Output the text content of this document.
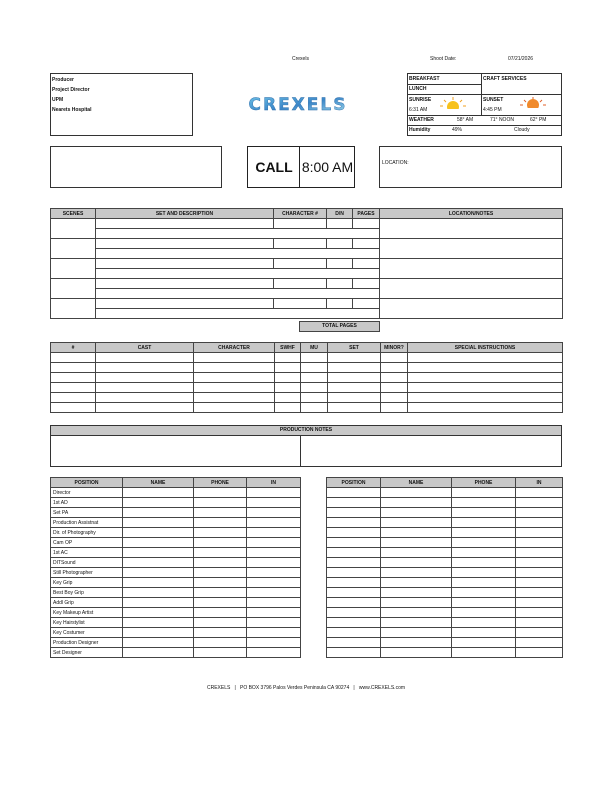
Crexels	Shoot Date:	07/21/2026
Producer
Project Director
UPM
Nearets Hospital	CREXELS
BREAKFAST	CRAFT SERVICES
LUNCH
SUNRISE
6:31 AM
SUNSET
4:45 PM
WEATHER	58° AM	71° NOON	62° PM
Humidity	49%	Cloudy
CALL 8:00 AM	LOCATION:
SCENES	SET AND DESCRIPTION	CHARACTER #	D/N	PAGES	LOCATION/NOTES

TOTAL PAGES
#	CAST	CHARACTER	SWHF	MU	SET	MINOR?	SPECIAL INSTRUCTIONS

PRODUCTION NOTES
POSITION	NAME	PHONE	IN
Director			
1st AD			
Set PA			
Production Assistnat			
Dir. of Photography			
Cam OP			
1st AC			
DITSound			
Still Photographer			
Key Grip			
Best Boy Grip			
Addl Grip			
Key Makeup Artist			
Key Hairstylist			
Key Costumer			
Production Designer			
Set Designer			
POSITION	NAME	PHONE	IN

CREXELS | PO BOX 3796 Palos Verdes Peninsula CA 90274 | www.CREXELS.com
